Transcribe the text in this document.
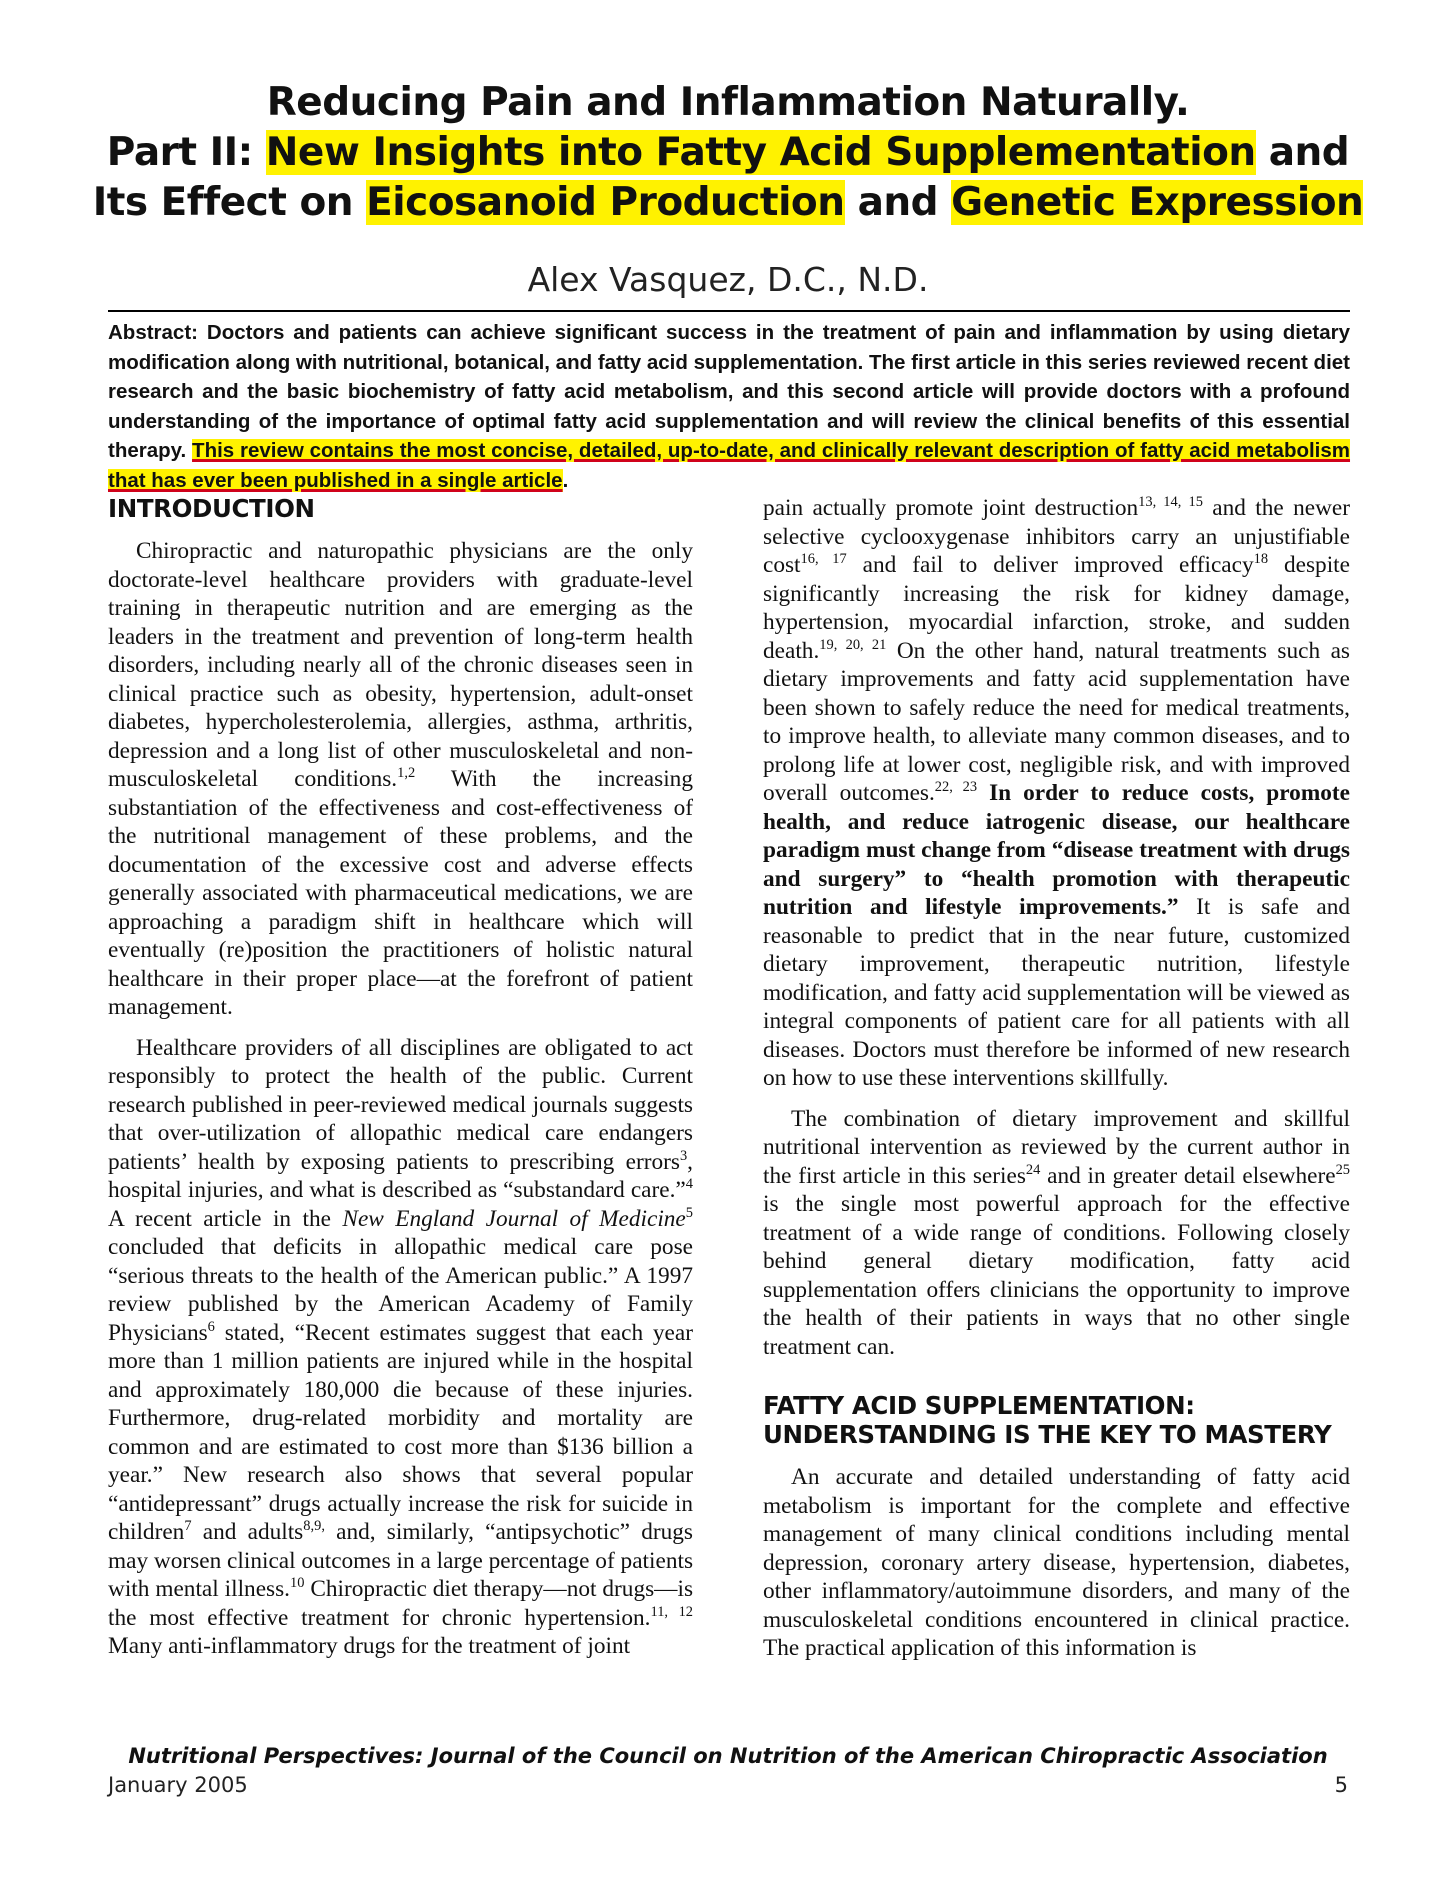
Reducing Pain and Inflammation Naturally.
Part II: New Insights into Fatty Acid Supplementation and
Its Effect on Eicosanoid Production and Genetic Expression
Alex Vasquez, D.C., N.D.
Abstract: Doctors and patients can achieve significant success in the treatment of pain and inflammation by using dietary modification along with nutritional, botanical, and fatty acid supplementation. The first article in this series reviewed recent diet research and the basic biochemistry of fatty acid metabolism, and this second article will provide doctors with a profound understanding of the importance of optimal fatty acid supplementation and will review the clinical benefits of this essential therapy. This review contains the most concise, detailed, up-to-date, and clinically relevant description of fatty acid metabolism that has ever been published in a single article.
INTRODUCTION

Chiropractic and naturopathic physicians are the only doctorate-level healthcare providers with graduate-level training in therapeutic nutrition and are emerging as the leaders in the treatment and prevention of long-term health disorders, including nearly all of the chronic diseases seen in clinical practice such as obesity, hypertension, adult-onset diabetes, hypercholesterolemia, allergies, asthma, arthritis, depression and a long list of other musculoskeletal and non-musculoskeletal conditions.$^{1,2}$ With the increasing substantiation of the effectiveness and cost-effectiveness of the nutritional management of these problems, and the documentation of the excessive cost and adverse effects generally associated with pharmaceutical medications, we are approaching a paradigm shift in healthcare which will eventually (re)position the practitioners of holistic natural healthcare in their proper place—at the forefront of patient management.

Healthcare providers of all disciplines are obligated to act responsibly to protect the health of the public. Current research published in peer-reviewed medical journals suggests that over-utilization of allopathic medical care endangers patients’ health by exposing patients to prescribing errors$^3$, hospital injuries, and what is described as “substandard care.”$^4$ A recent article in the New England Journal of Medicine$^5$ concluded that deficits in allopathic medical care pose “serious threats to the health of the American public.” A 1997 review published by the American Academy of Family Physicians$^6$ stated, “Recent estimates suggest that each year more than 1 million patients are injured while in the hospital and approximately 180,000 die because of these injuries. Furthermore, drug-related morbidity and mortality are common and are estimated to cost more than $136 billion a year.” New research also shows that several popular “antidepressant” drugs actually increase the risk for suicide in children$^7$ and adults$^{8,9,}$ and, similarly, “antipsychotic” drugs may worsen clinical outcomes in a large percentage of patients with mental illness.$^{10}$ Chiropractic diet therapy—not drugs—is the most effective treatment for chronic hypertension.$^{11, 12}$ Many anti-inflammatory drugs for the treatment of joint

pain actually promote joint destruction$^{13, 14, 15}$ and the newer selective cyclooxygenase inhibitors carry an unjustifiable cost$^{16, 17}$ and fail to deliver improved efficacy$^{18}$ despite significantly increasing the risk for kidney damage, hypertension, myocardial infarction, stroke, and sudden death.$^{19, 20, 21}$ On the other hand, natural treatments such as dietary improvements and fatty acid supplementation have been shown to safely reduce the need for medical treatments, to improve health, to alleviate many common diseases, and to prolong life at lower cost, negligible risk, and with improved overall outcomes.$^{22, 23}$ In order to reduce costs, promote health, and reduce iatrogenic disease, our healthcare paradigm must change from “disease treatment with drugs and surgery” to “health promotion with therapeutic nutrition and lifestyle improvements.” It is safe and reasonable to predict that in the near future, customized dietary improvement, therapeutic nutrition, lifestyle modification, and fatty acid supplementation will be viewed as integral components of patient care for all patients with all diseases. Doctors must therefore be informed of new research on how to use these interventions skillfully.

The combination of dietary improvement and skillful nutritional intervention as reviewed by the current author in the first article in this series$^{24}$ and in greater detail elsewhere$^{25}$ is the single most powerful approach for the effective treatment of a wide range of conditions. Following closely behind general dietary modification, fatty acid supplementation offers clinicians the opportunity to improve the health of their patients in ways that no other single treatment can.

FATTY ACID SUPPLEMENTATION: UNDERSTANDING IS THE KEY TO MASTERY

An accurate and detailed understanding of fatty acid metabolism is important for the complete and effective management of many clinical conditions including mental depression, coronary artery disease, hypertension, diabetes, other inflammatory/autoimmune disorders, and many of the musculoskeletal conditions encountered in clinical practice. The practical application of this information is

Nutritional Perspectives: Journal of the Council on Nutrition of the American Chiropractic Association
January 2005	5
